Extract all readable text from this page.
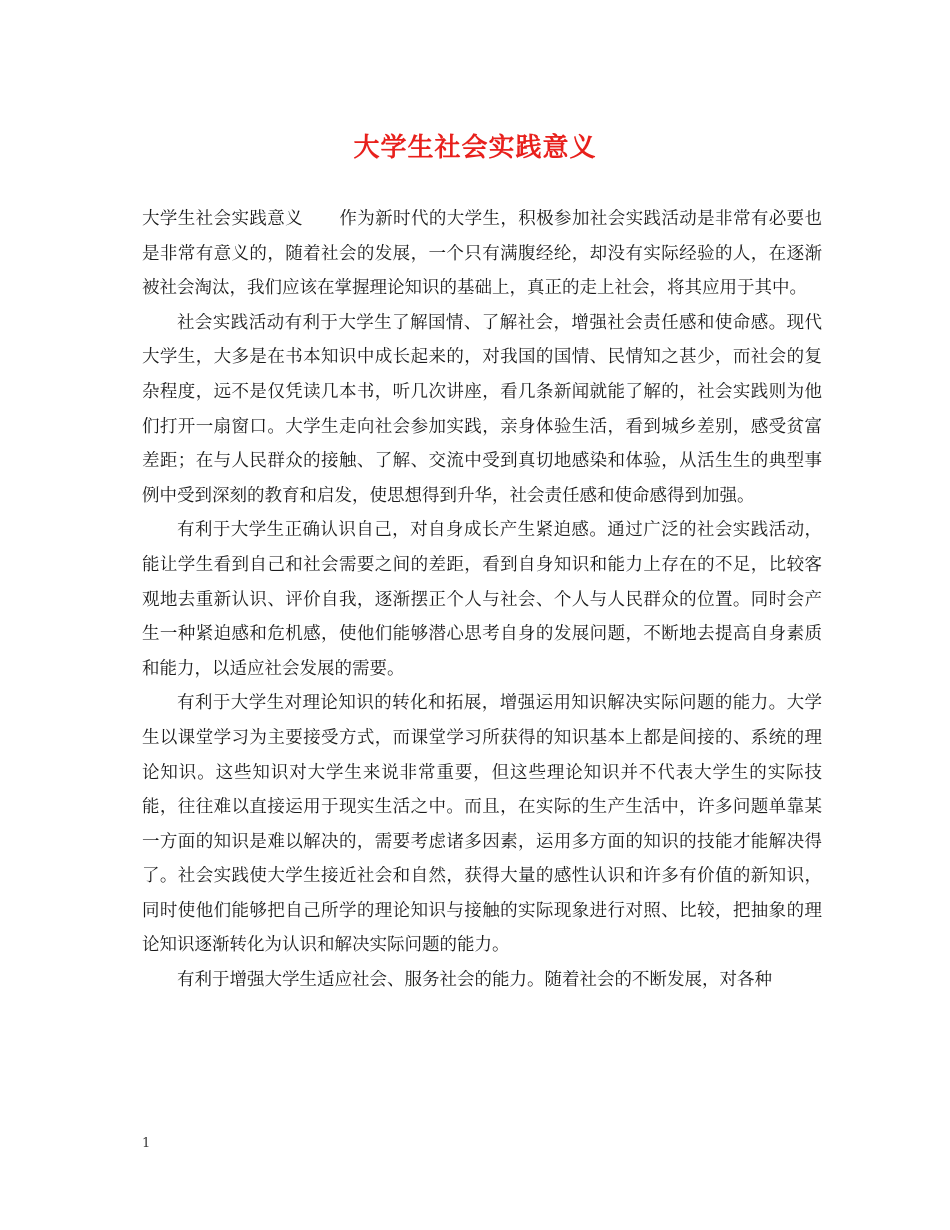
大学生社会实践意义

大学生社会实践意义 作为新时代的大学生，积极参加社会实践活动是非常有必要也是非常有意义的，随着社会的发展，一个只有满腹经纶，却没有实际经验的人，在逐渐被社会淘汰，我们应该在掌握理论知识的基础上，真正的走上社会，将其应用于其中。

社会实践活动有利于大学生了解国情、了解社会，增强社会责任感和使命感。现代大学生，大多是在书本知识中成长起来的，对我国的国情、民情知之甚少，而社会的复杂程度，远不是仅凭读几本书，听几次讲座，看几条新闻就能了解的，社会实践则为他们打开一扇窗口。大学生走向社会参加实践，亲身体验生活，看到城乡差别，感受贫富差距；在与人民群众的接触、了解、交流中受到真切地感染和体验，从活生生的典型事例中受到深刻的教育和启发，使思想得到升华，社会责任感和使命感得到加强。

有利于大学生正确认识自己，对自身成长产生紧迫感。通过广泛的社会实践活动，能让学生看到自己和社会需要之间的差距，看到自身知识和能力上存在的不足，比较客观地去重新认识、评价自我，逐渐摆正个人与社会、个人与人民群众的位置。同时会产生一种紧迫感和危机感，使他们能够潜心思考自身的发展问题，不断地去提高自身素质和能力，以适应社会发展的需要。

有利于大学生对理论知识的转化和拓展，增强运用知识解决实际问题的能力。大学生以课堂学习为主要接受方式，而课堂学习所获得的知识基本上都是间接的、系统的理论知识。这些知识对大学生来说非常重要，但这些理论知识并不代表大学生的实际技能，往往难以直接运用于现实生活之中。而且，在实际的生产生活中，许多问题单靠某一方面的知识是难以解决的，需要考虑诸多因素，运用多方面的知识的技能才能解决得了。社会实践使大学生接近社会和自然，获得大量的感性认识和许多有价值的新知识，同时使他们能够把自己所学的理论知识与接触的实际现象进行对照、比较，把抽象的理论知识逐渐转化为认识和解决实际问题的能力。

有利于增强大学生适应社会、服务社会的能力。随着社会的不断发展，对各种

1
